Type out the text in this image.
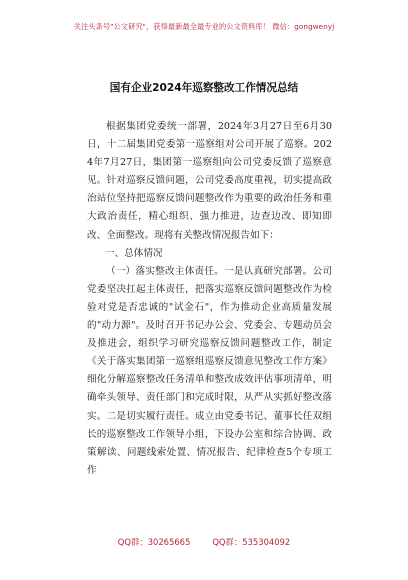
关注头条号"公文研究"，获得最新最全最专业的公文资料库！ 微信：gongwenyj
国有企业2024年巡察整改工作情况总结

根据集团党委统一部署，2024年3月27日至6月30日，十二届集团党委第一巡察组对公司开展了巡察。2024年7月27日，集团第一巡察组向公司党委反馈了巡察意见。针对巡察反馈问题，公司党委高度重视，切实提高政治站位坚持把巡察反馈问题整改作为重要的政治任务和重大政治责任，精心组织、强力推进，边查边改、即知即改、全面整改。现将有关整改情况报告如下：

一、总体情况

（一）落实整改主体责任。一是认真研究部署。公司党委坚决扛起主体责任，把落实巡察反馈问题整改作为检验对党是否忠诚的"试金石"，作为推动企业高质量发展的"动力源"。及时召开书记办公会、党委会、专题动员会及推进会，组织学习研究巡察反馈问题整改工作，制定《关于落实集团第一巡察组巡察反馈意见整改工作方案》细化分解巡察整改任务清单和整改成效评估事项清单，明确牵头领导、责任部门和完成时限，从严从实抓好整改落实。二是切实履行责任。成立由党委书记、董事长任双组长的巡察整改工作领导小组，下设办公室和综合协调、政策解读、问题线索处置、情况报告、纪律检查5个专项工作

QQ群：30265665	QQ群：535304092
